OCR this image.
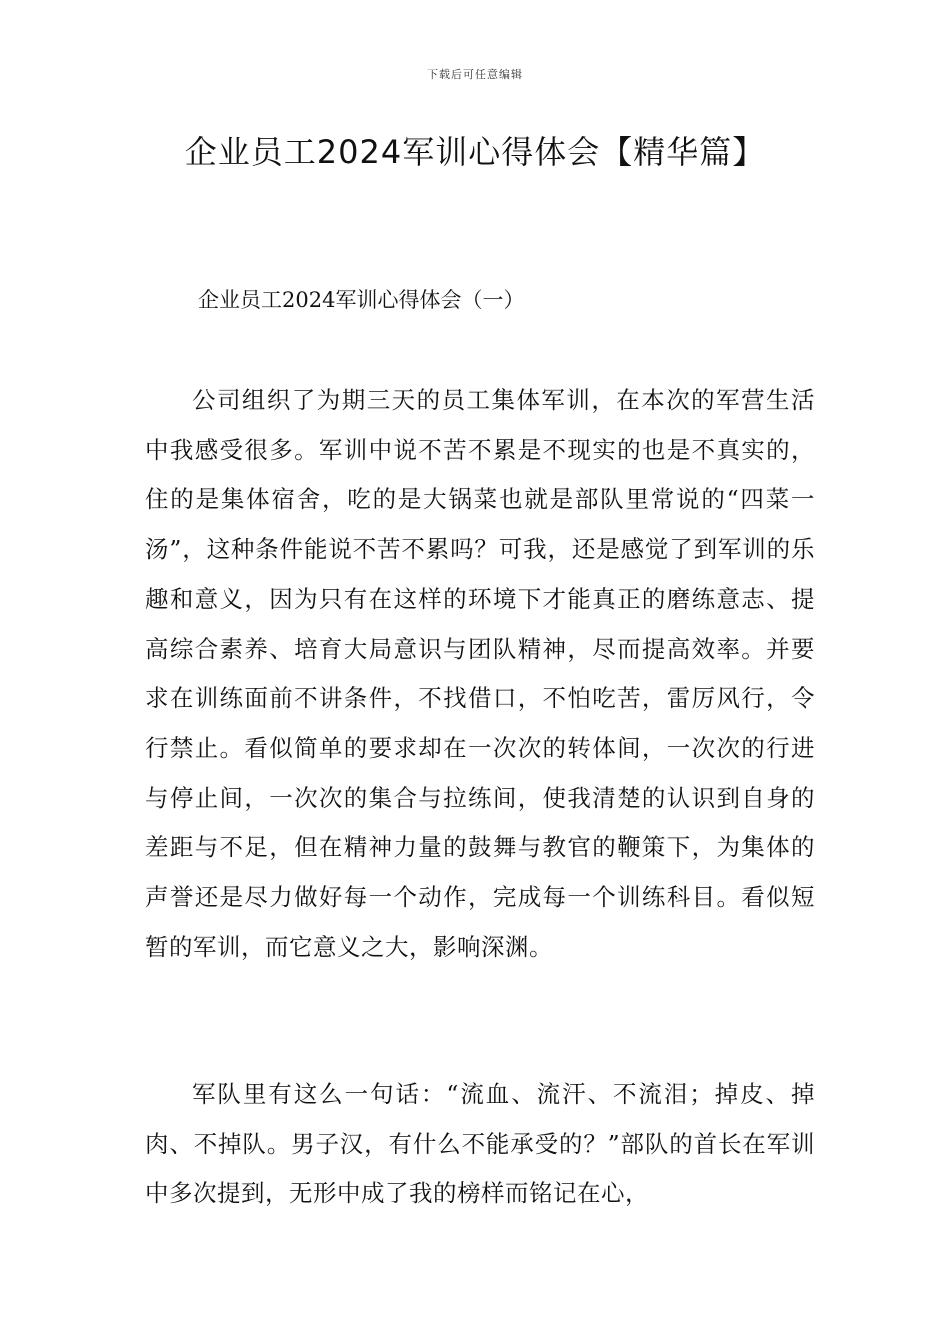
下载后可任意编辑
企业员工2024军训心得体会【精华篇】
企业员工2024军训心得体会（一）

公司组织了为期三天的员工集体军训，在本次的军营生活中我感受很多。军训中说不苦不累是不现实的也是不真实的，住的是集体宿舍，吃的是大锅菜也就是部队里常说的“四菜一汤”，这种条件能说不苦不累吗？可我，还是感觉了到军训的乐趣和意义，因为只有在这样的环境下才能真正的磨练意志、提高综合素养、培育大局意识与团队精神，尽而提高效率。并要求在训练面前不讲条件，不找借口，不怕吃苦，雷厉风行，令行禁止。看似简单的要求却在一次次的转体间，一次次的行进与停止间，一次次的集合与拉练间，使我清楚的认识到自身的差距与不足，但在精神力量的鼓舞与教官的鞭策下，为集体的声誉还是尽力做好每一个动作，完成每一个训练科目。看似短暂的军训，而它意义之大，影响深渊。

军队里有这么一句话：“流血、流汗、不流泪；掉皮、掉肉、不掉队。男子汉，有什么不能承受的？”部队的首长在军训中多次提到，无形中成了我的榜样而铭记在心，
